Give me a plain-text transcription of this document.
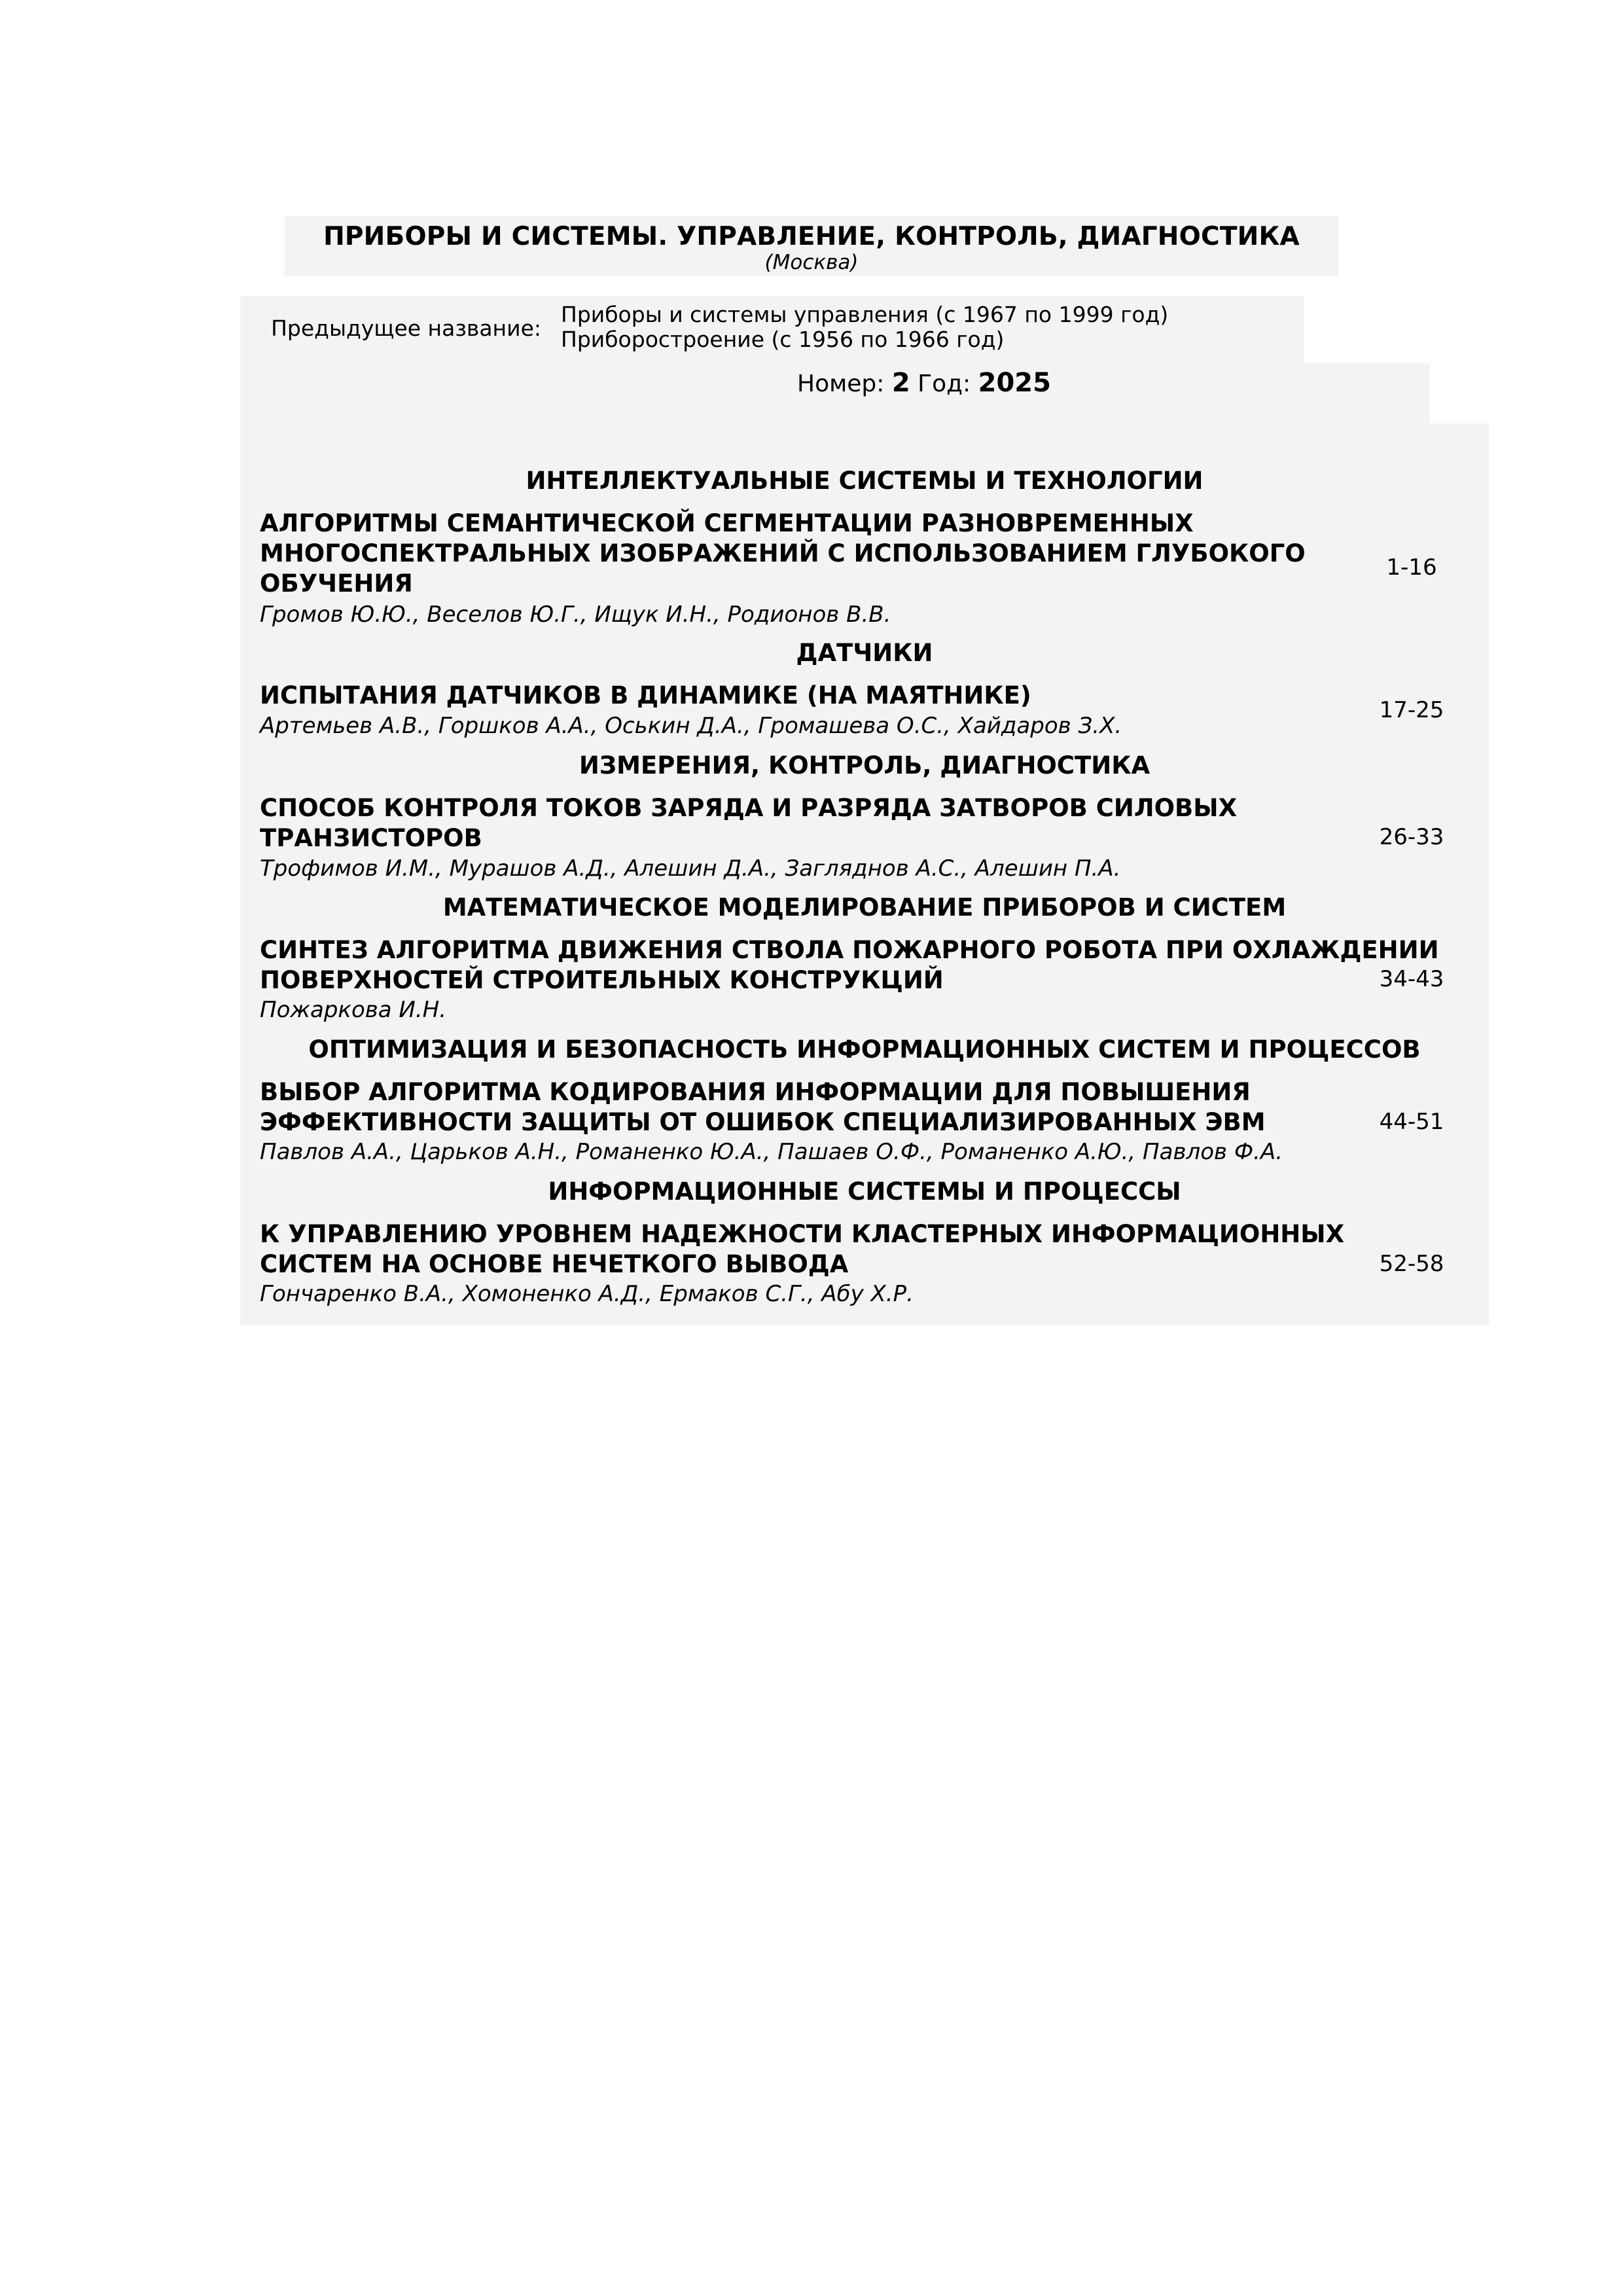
ПРИБОРЫ И СИСТЕМЫ. УПРАВЛЕНИЕ, КОНТРОЛЬ, ДИАГНОСТИКА
(Москва)
Предыдущее название:
Приборы и системы управления (с 1967 по 1999 год)
Приборостроение (с 1956 по 1966 год)
Номер: 2 Год: 2025
ИНТЕЛЛЕКТУАЛЬНЫЕ СИСТЕМЫ И ТЕХНОЛОГИИ
АЛГОРИТМЫ СЕМАНТИЧЕСКОЙ СЕГМЕНТАЦИИ РАЗНОВРЕМЕННЫХ
МНОГОСПЕКТРАЛЬНЫХ ИЗОБРАЖЕНИЙ С ИСПОЛЬЗОВАНИЕМ ГЛУБОКОГО
ОБУЧЕНИЯ
Громов Ю.Ю., Веселов Ю.Г., Ищук И.Н., Родионов В.В.
1-16
ДАТЧИКИ
ИСПЫТАНИЯ ДАТЧИКОВ В ДИНАМИКЕ (НА МАЯТНИКЕ)
Артемьев А.В., Горшков А.А., Оськин Д.А., Громашева О.С., Хайдаров З.Х.
17-25
ИЗМЕРЕНИЯ, КОНТРОЛЬ, ДИАГНОСТИКА
СПОСОБ КОНТРОЛЯ ТОКОВ ЗАРЯДА И РАЗРЯДА ЗАТВОРОВ СИЛОВЫХ
ТРАНЗИСТОРОВ
Трофимов И.М., Мурашов А.Д., Алешин Д.А., Загляднов А.С., Алешин П.А.
26-33
МАТЕМАТИЧЕСКОЕ МОДЕЛИРОВАНИЕ ПРИБОРОВ И СИСТЕМ
СИНТЕЗ АЛГОРИТМА ДВИЖЕНИЯ СТВОЛА ПОЖАРНОГО РОБОТА ПРИ ОХЛАЖДЕНИИ
ПОВЕРХНОСТЕЙ СТРОИТЕЛЬНЫХ КОНСТРУКЦИЙ
Пожаркова И.Н.
34-43
ОПТИМИЗАЦИЯ И БЕЗОПАСНОСТЬ ИНФОРМАЦИОННЫХ СИСТЕМ И ПРОЦЕССОВ
ВЫБОР АЛГОРИТМА КОДИРОВАНИЯ ИНФОРМАЦИИ ДЛЯ ПОВЫШЕНИЯ
ЭФФЕКТИВНОСТИ ЗАЩИТЫ ОТ ОШИБОК СПЕЦИАЛИЗИРОВАННЫХ ЭВМ
Павлов А.А., Царьков А.Н., Романенко Ю.А., Пашаев О.Ф., Романенко А.Ю., Павлов Ф.А.
44-51
ИНФОРМАЦИОННЫЕ СИСТЕМЫ И ПРОЦЕССЫ
К УПРАВЛЕНИЮ УРОВНЕМ НАДЕЖНОСТИ КЛАСТЕРНЫХ ИНФОРМАЦИОННЫХ
СИСТЕМ НА ОСНОВЕ НЕЧЕТКОГО ВЫВОДА
Гончаренко В.А., Хомоненко А.Д., Ермаков С.Г., Абу Х.Р.
52-58
